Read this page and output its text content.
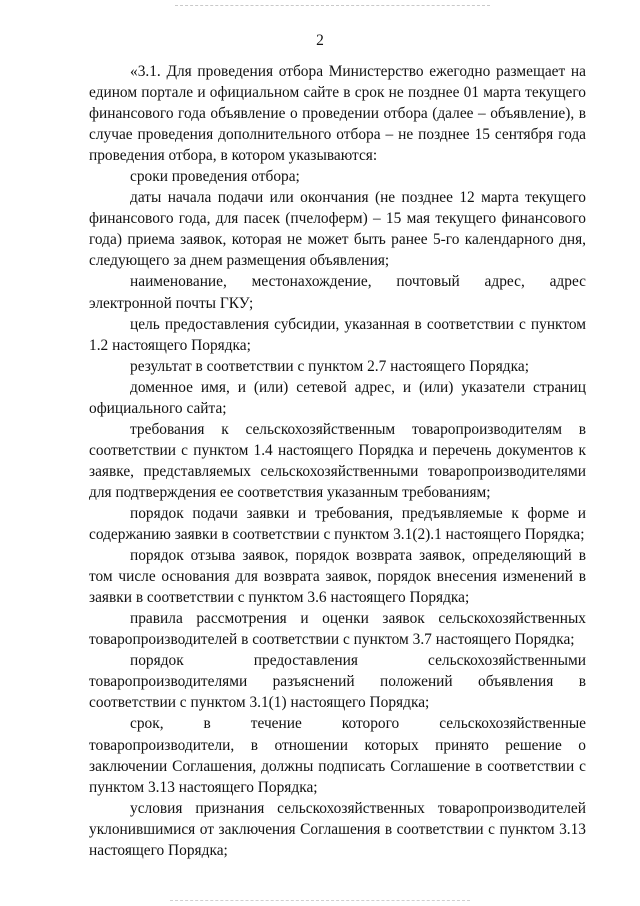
2

«3.1. Для проведения отбора Министерство ежегодно размещает на едином портале и официальном сайте в срок не позднее 01 марта текущего финансового года объявление о проведении отбора (далее – объявление), в случае проведения дополнительного отбора – не позднее 15 сентября года проведения отбора, в котором указываются:

сроки проведения отбора;

даты начала подачи или окончания (не позднее 12 марта текущего финансового года, для пасек (пчелоферм) – 15 мая текущего финансового года) приема заявок, которая не может быть ранее 5-го календарного дня, следующего за днем размещения объявления;

наименование, местонахождение, почтовый адрес, адрес электронной почты ГКУ;

цель предоставления субсидии, указанная в соответствии с пунктом 1.2 настоящего Порядка;

результат в соответствии с пунктом 2.7 настоящего Порядка;

доменное имя, и (или) сетевой адрес, и (или) указатели страниц официального сайта;

требования к сельскохозяйственным товаропроизводителям в соответствии с пунктом 1.4 настоящего Порядка и перечень документов к заявке, представляемых сельскохозяйственными товаропроизводителями для подтверждения ее соответствия указанным требованиям;

порядок подачи заявки и требования, предъявляемые к форме и содержанию заявки в соответствии с пунктом 3.1(2).1 настоящего Порядка;

порядок отзыва заявок, порядок возврата заявок, определяющий в том числе основания для возврата заявок, порядок внесения изменений в заявки в соответствии с пунктом 3.6 настоящего Порядка;

правила рассмотрения и оценки заявок сельскохозяйственных товаропроизводителей в соответствии с пунктом 3.7 настоящего Порядка;

порядок предоставления сельскохозяйственными товаропроизводителями разъяснений положений объявления в соответствии с пунктом 3.1(1) настоящего Порядка;

срок, в течение которого сельскохозяйственные товаропроизводители, в отношении которых принято решение о заключении Соглашения, должны подписать Соглашение в соответствии с пунктом 3.13 настоящего Порядка;

условия признания сельскохозяйственных товаропроизводителей уклонившимися от заключения Соглашения в соответствии с пунктом 3.13 настоящего Порядка;
